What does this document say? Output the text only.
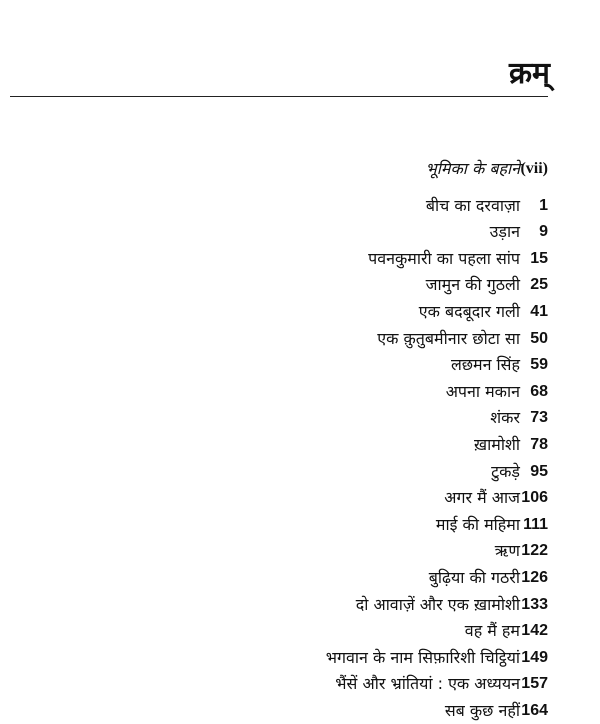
क्रम्
भूमिका के बहाने (vii)
बीच का दरवाज़ा 1
उड़ान 9
पवनकुमारी का पहला सांप 15
जामुन की गुठली 25
एक बदबूदार गली 41
एक क़ुतुबमीनार छोटा सा 50
लछमन सिंह 59
अपना मकान 68
शंकर 73
ख़ामोशी 78
टुकड़े 95
अगर मैं आज 106
माई की महिमा 111
ऋण 122
बुढ़िया की गठरी 126
दो आवाज़ें और एक ख़ामोशी 133
वह मैं हम 142
भगवान के नाम सिफ़ारिशी चिट्ठियां 149
भैंसें और भ्रांतियां : एक अध्ययन 157
सब कुछ नहीं 164
